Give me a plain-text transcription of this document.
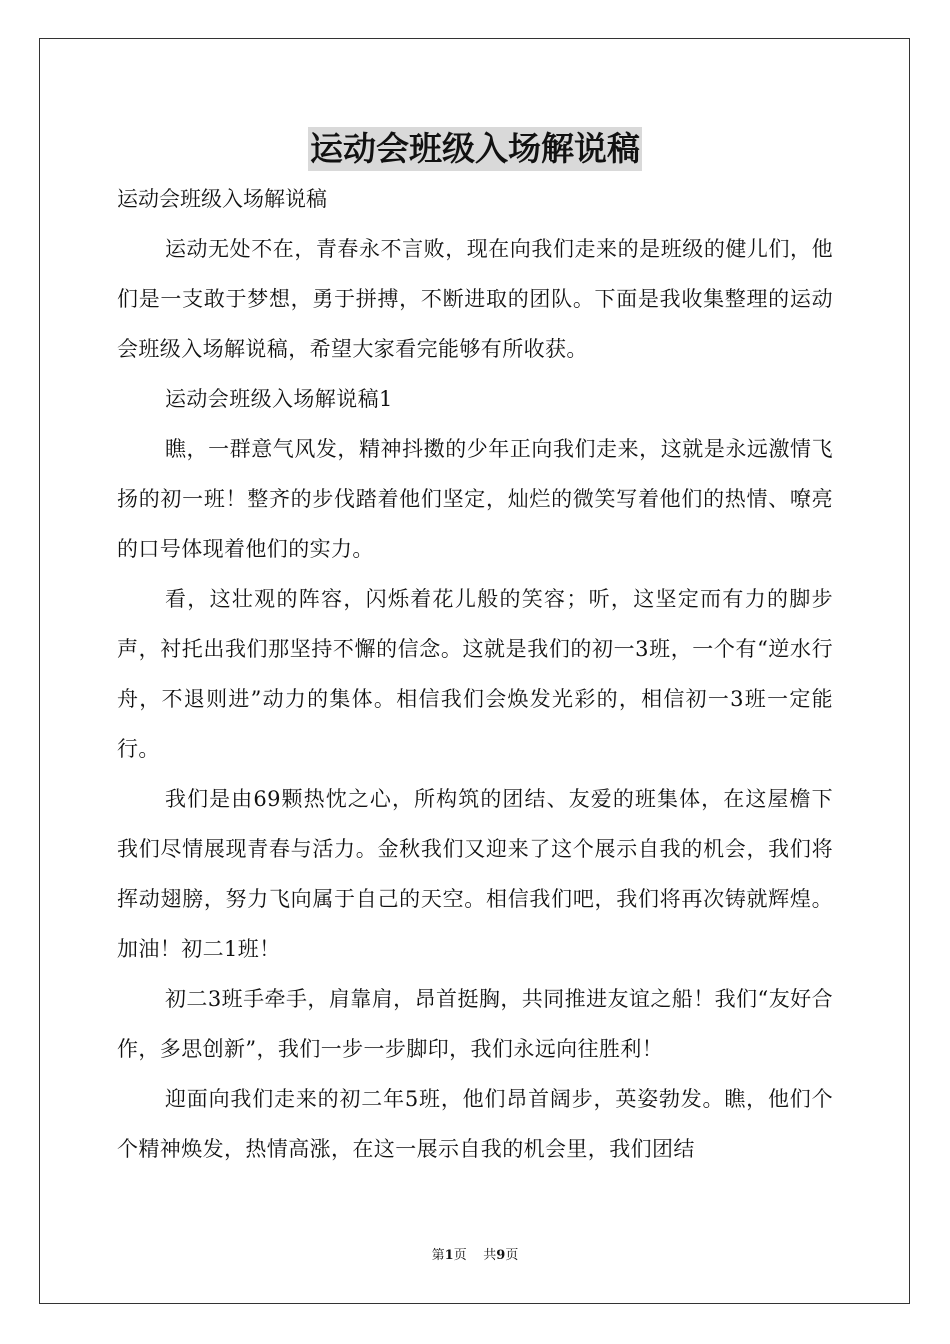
运动会班级入场解说稿
运动会班级入场解说稿

运动无处不在，青春永不言败，现在向我们走来的是班级的健儿们，他们是一支敢于梦想，勇于拼搏，不断进取的团队。下面是我收集整理的运动会班级入场解说稿，希望大家看完能够有所收获。

运动会班级入场解说稿1

瞧，一群意气风发，精神抖擞的少年正向我们走来，这就是永远激情飞扬的初一班！整齐的步伐踏着他们坚定，灿烂的微笑写着他们的热情、嘹亮的口号体现着他们的实力。

看，这壮观的阵容，闪烁着花儿般的笑容；听，这坚定而有力的脚步声，衬托出我们那坚持不懈的信念。这就是我们的初一3班，一个有“逆水行舟，不退则进”动力的集体。相信我们会焕发光彩的，相信初一3班一定能行。

我们是由69颗热忱之心，所构筑的团结、友爱的班集体，在这屋檐下我们尽情展现青春与活力。金秋我们又迎来了这个展示自我的机会，我们将挥动翅膀，努力飞向属于自己的天空。相信我们吧，我们将再次铸就辉煌。加油！初二1班！

初二3班手牵手，肩靠肩，昂首挺胸，共同推进友谊之船！我们“友好合作，多思创新”，我们一步一步脚印，我们永远向往胜利！

迎面向我们走来的初二年5班，他们昂首阔步，英姿勃发。瞧，他们个个精神焕发，热情高涨，在这一展示自我的机会里，我们团结

第1页 共9页
